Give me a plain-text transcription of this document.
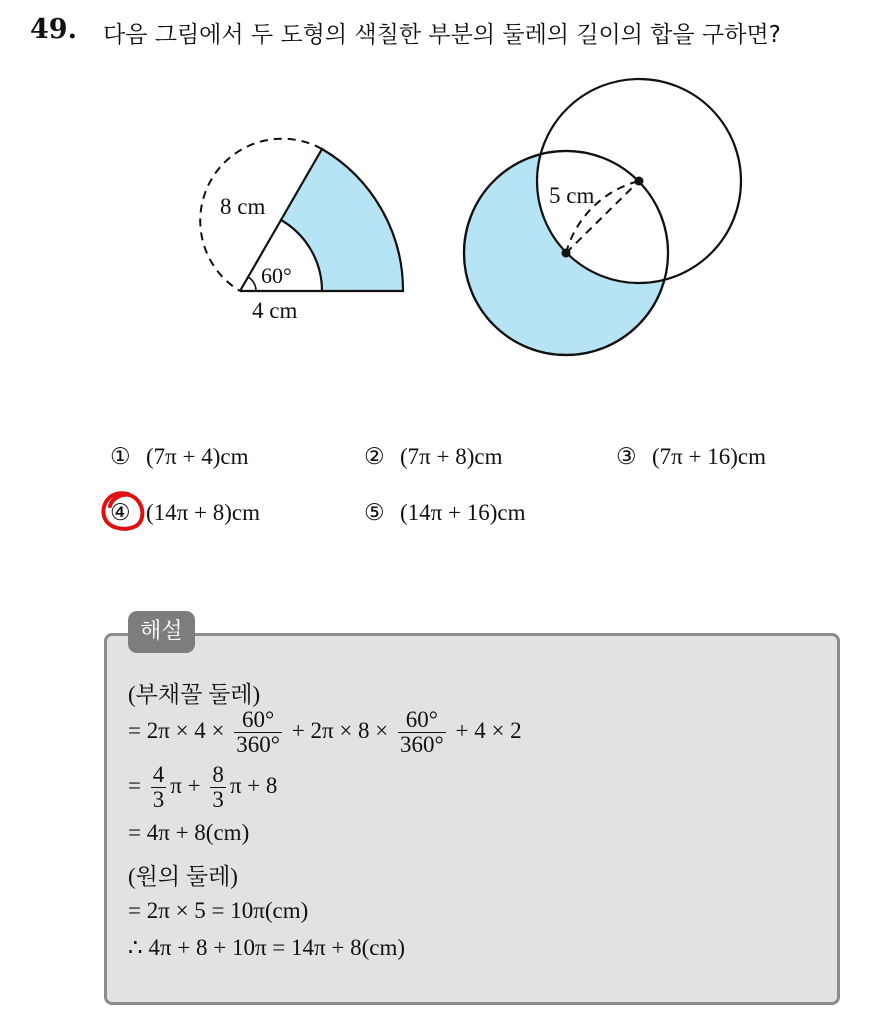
49. 다음 그림에서 두 도형의 색칠한 부분의 둘레의 길이의 합을 구하면?
8 cm
60°
4 cm
5 cm
① (7π + 4)cm	② (7π + 8)cm	③ (7π + 16)cm
④ (14π + 8)cm	⑤ (14π + 16)cm
해설
(부채꼴 둘레)
= $2\pi \times 4 \times \frac{60^\circ}{360^\circ} + 2\pi \times 8 \times \frac{60^\circ}{360^\circ} + 4 \times 2$
= $\frac{4}{3}$ $\pi + \frac{8}{3}$ π + 8
= 4π + 8(cm)
(원의 둘레)
= 2π × 5 = 10π(cm)
∴ 4π + 8 + 10π = 14π + 8(cm)
